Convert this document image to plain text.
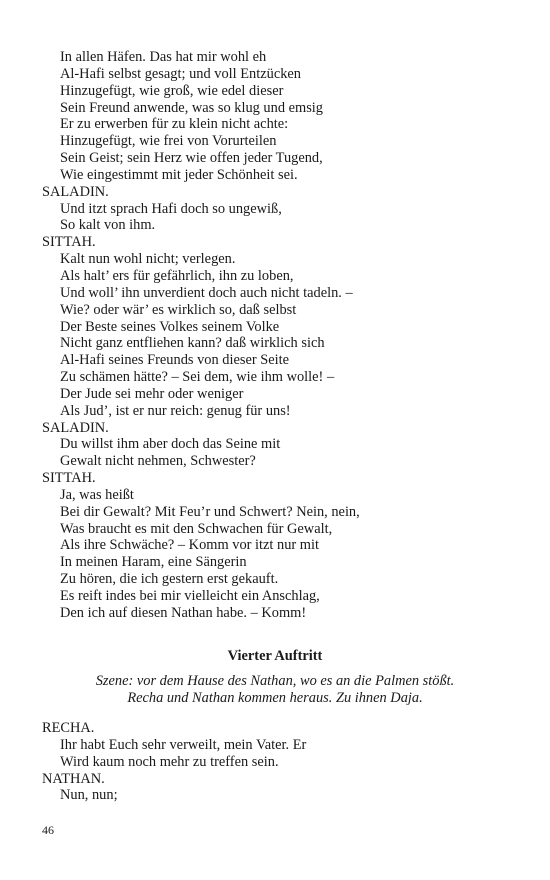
In allen Häfen. Das hat mir wohl eh
Al-Hafi selbst gesagt; und voll Entzücken
Hinzugefügt, wie groß, wie edel dieser
Sein Freund anwende, was so klug und emsig
Er zu erwerben für zu klein nicht achte:
Hinzugefügt, wie frei von Vorurteilen
Sein Geist; sein Herz wie offen jeder Tugend,
Wie eingestimmt mit jeder Schönheit sei.
SALADIN.
Und itzt sprach Hafi doch so ungewiß,
So kalt von ihm.
SITTAH.
Kalt nun wohl nicht; verlegen.
Als halt’ ers für gefährlich, ihn zu loben,
Und woll’ ihn unverdient doch auch nicht tadeln. –
Wie? oder wär’ es wirklich so, daß selbst
Der Beste seines Volkes seinem Volke
Nicht ganz entfliehen kann? daß wirklich sich
Al-Hafi seines Freunds von dieser Seite
Zu schämen hätte? – Sei dem, wie ihm wolle! –
Der Jude sei mehr oder weniger
Als Jud’, ist er nur reich: genug für uns!
SALADIN.
Du willst ihm aber doch das Seine mit
Gewalt nicht nehmen, Schwester?
SITTAH.
Ja, was heißt
Bei dir Gewalt? Mit Feu’r und Schwert? Nein, nein,
Was braucht es mit den Schwachen für Gewalt,
Als ihre Schwäche? – Komm vor itzt nur mit
In meinen Haram, eine Sängerin
Zu hören, die ich gestern erst gekauft.
Es reift indes bei mir vielleicht ein Anschlag,
Den ich auf diesen Nathan habe. – Komm!
Vierter Auftritt
Szene: vor dem Hause des Nathan, wo es an die Palmen stößt.
Recha und Nathan kommen heraus. Zu ihnen Daja.
RECHA.
Ihr habt Euch sehr verweilt, mein Vater. Er
Wird kaum noch mehr zu treffen sein.
NATHAN.
Nun, nun;
46
